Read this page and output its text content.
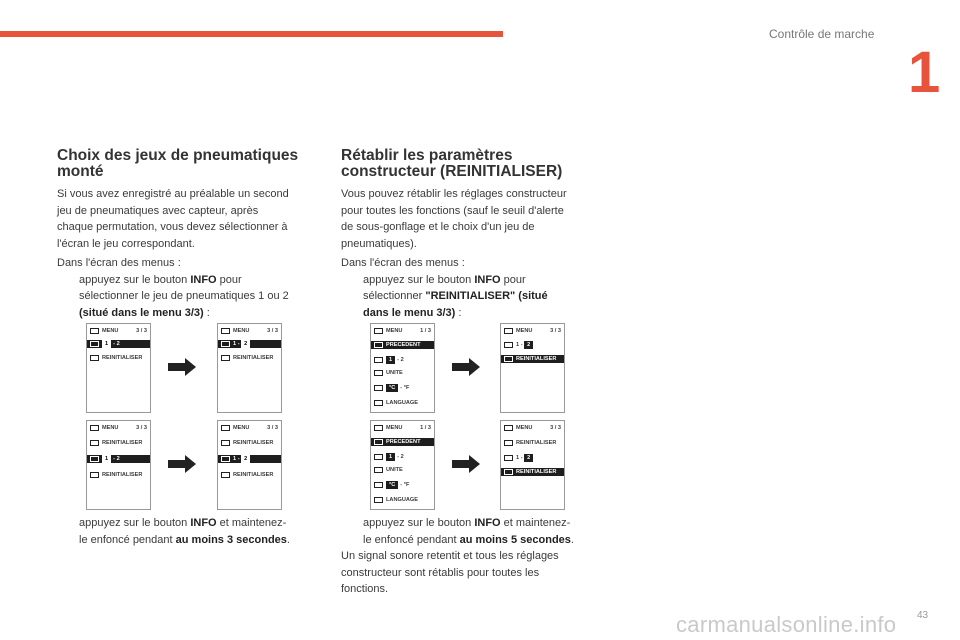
Contrôle de marche
1
Choix des jeux de pneumatiques
monté

Si vous avez enregistré au préalable un second

jeu de pneumatiques avec capteur, après

chaque permutation, vous devez sélectionner à

l'écran le jeu correspondant.

Dans l'écran des menus :

appuyez sur le bouton INFO pour

sélectionner le jeu de pneumatiques 1 ou 2

(situé dans le menu 3/3) :

MENU	3 / 3
1 - 2
REINITIALISER
MENU	3 / 3
1 - 2
REINITIALISER
MENU	3 / 3
REINITIALISER
1 - 2
REINITIALISER
MENU	3 / 3
REINITIALISER
1 - 2
REINITIALISER

appuyez sur le bouton INFO et maintenez-

le enfoncé pendant au moins 3 secondes.

Rétablir les paramètres
constructeur (REINITIALISER)

Vous pouvez rétablir les réglages constructeur

pour toutes les fonctions (sauf le seuil d'alerte

de sous-gonflage et le choix d'un jeu de

pneumatiques).

Dans l'écran des menus :

appuyez sur le bouton INFO pour

sélectionner "REINITIALISER" (situé

dans le menu 3/3) :

MENU	1 / 3
PRECEDENT
1 - 2
UNITE
°C - °F
LANGUAGE
MENU	3 / 3
1 - 2
REINITIALISER
MENU	1 / 3
PRECEDENT
1 - 2
UNITE
°C - °F
LANGUAGE
MENU	3 / 3
REINITIALISER
1 - 2
REINITIALISER

appuyez sur le bouton INFO et maintenez-

le enfoncé pendant au moins 5 secondes.

Un signal sonore retentit et tous les réglages

constructeur sont rétablis pour toutes les

fonctions.

carmanualsonline.info 43
